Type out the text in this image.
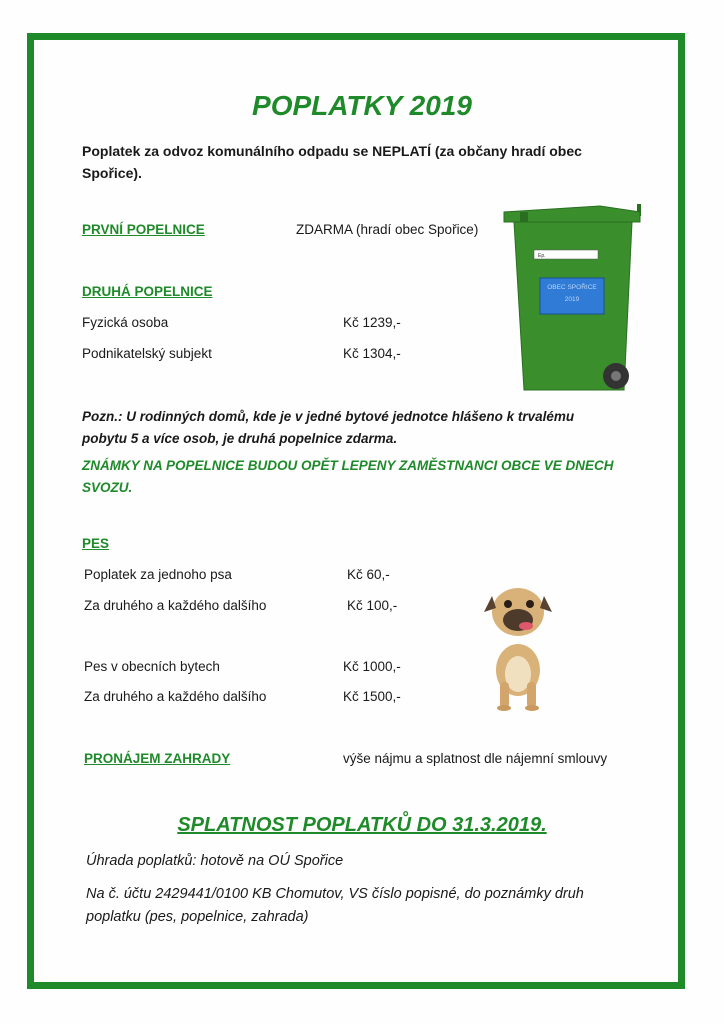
POPLATKY 2019
Poplatek za odvoz komunálního odpadu se NEPLATÍ (za občany hradí obec Spořice).
PRVNÍ POPELNICE	ZDARMA (hradí obec Spořice)
DRUHÁ POPELNICE
Fyzická osoba	Kč 1239,-
Podnikatelský subjekt	Kč 1304,-
Ep.
OBEC SPOŘICE
2019
Pozn.: U rodinných domů, kde je v jedné bytové jednotce hlášeno k trvalému pobytu 5 a více osob, je druhá popelnice zdarma.
ZNÁMKY NA POPELNICE BUDOU OPĚT LEPENY ZAMĚSTNANCI OBCE VE DNECH SVOZU.
PES
Poplatek za jednoho psa	Kč 60,-
Za druhého a každého dalšího	Kč 100,-
Pes v obecních bytech	Kč 1000,-
Za druhého a každého dalšího	Kč 1500,-
PRONÁJEM ZAHRADY	výše nájmu a splatnost dle nájemní smlouvy
SPLATNOST POPLATKŮ DO 31.3.2019.
Úhrada poplatků: hotově na OÚ Spořice
Na č. účtu 2429441/0100 KB Chomutov, VS číslo popisné, do poznámky druh poplatku (pes, popelnice, zahrada)
